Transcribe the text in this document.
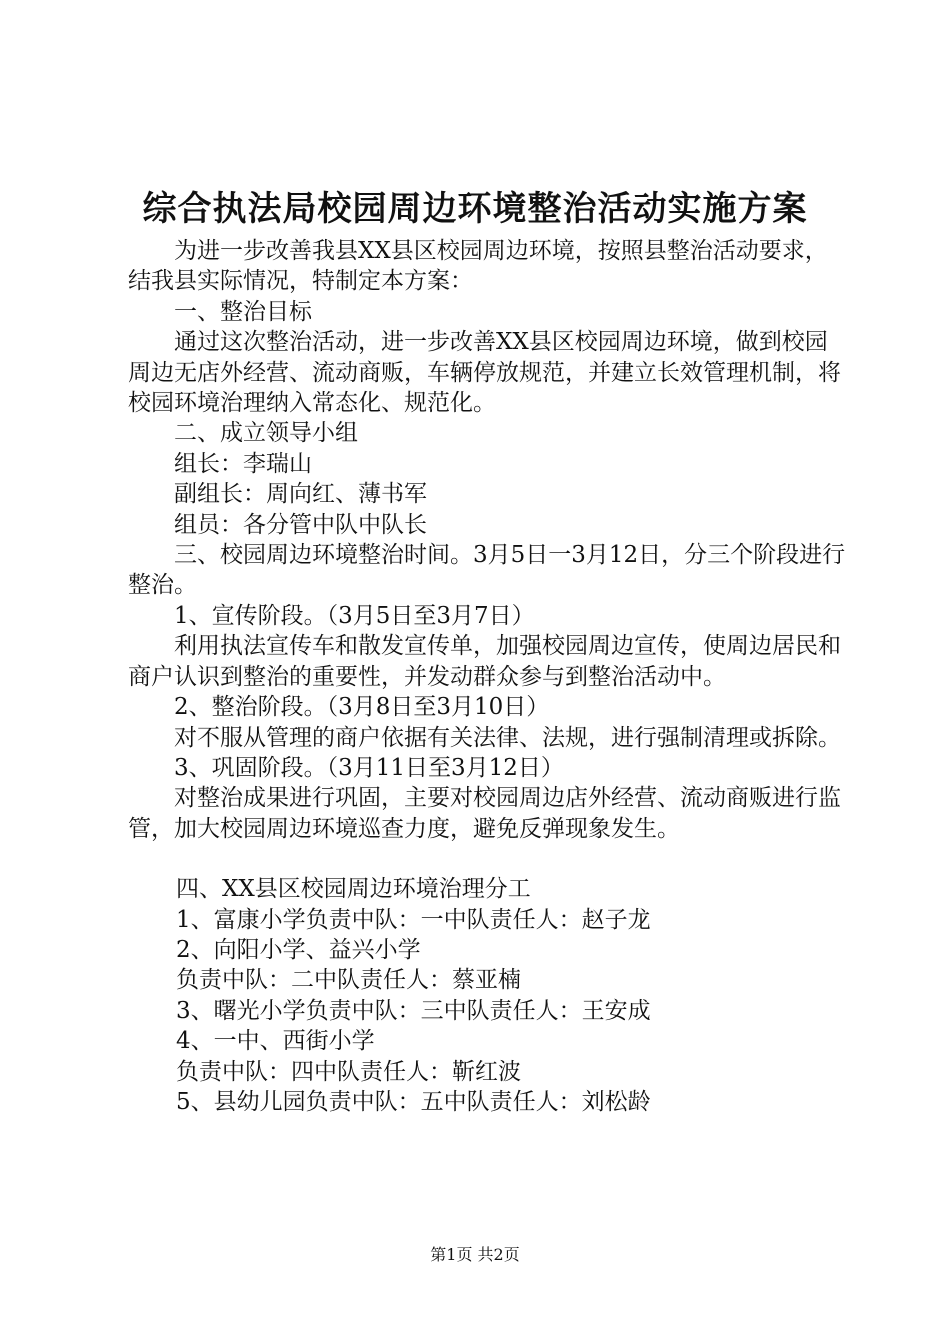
综合执法局校园周边环境整治活动实施方案

为进一步改善我县XX县区校园周边环境，按照县整治活动要求，结我县实际情况，特制定本方案：

一、整治目标

通过这次整治活动，进一步改善XX县区校园周边环境，做到校园周边无店外经营、流动商贩，车辆停放规范，并建立长效管理机制，将校园环境治理纳入常态化、规范化。

二、成立领导小组

组长：李瑞山

副组长：周向红、薄书军

组员：各分管中队中队长

三、校园周边环境整治时间。3月5日一3月12日，分三个阶段进行整治。

1、宣传阶段。（3月5日至3月7日）

利用执法宣传车和散发宣传单，加强校园周边宣传，使周边居民和商户认识到整治的重要性，并发动群众参与到整治活动中。

2、整治阶段。（3月8日至3月10日）

对不服从管理的商户依据有关法律、法规，进行强制清理或拆除。

3、巩固阶段。（3月11日至3月12日）

对整治成果进行巩固，主要对校园周边店外经营、流动商贩进行监管，加大校园周边环境巡查力度，避免反弹现象发生。

四、XX县区校园周边环境治理分工

1、富康小学负责中队：一中队责任人：赵子龙

2、向阳小学、益兴小学

负责中队：二中队责任人：蔡亚楠

3、曙光小学负责中队：三中队责任人：王安成

4、一中、西街小学

负责中队：四中队责任人：靳红波

5、县幼儿园负责中队：五中队责任人：刘松龄

第1页 共2页
